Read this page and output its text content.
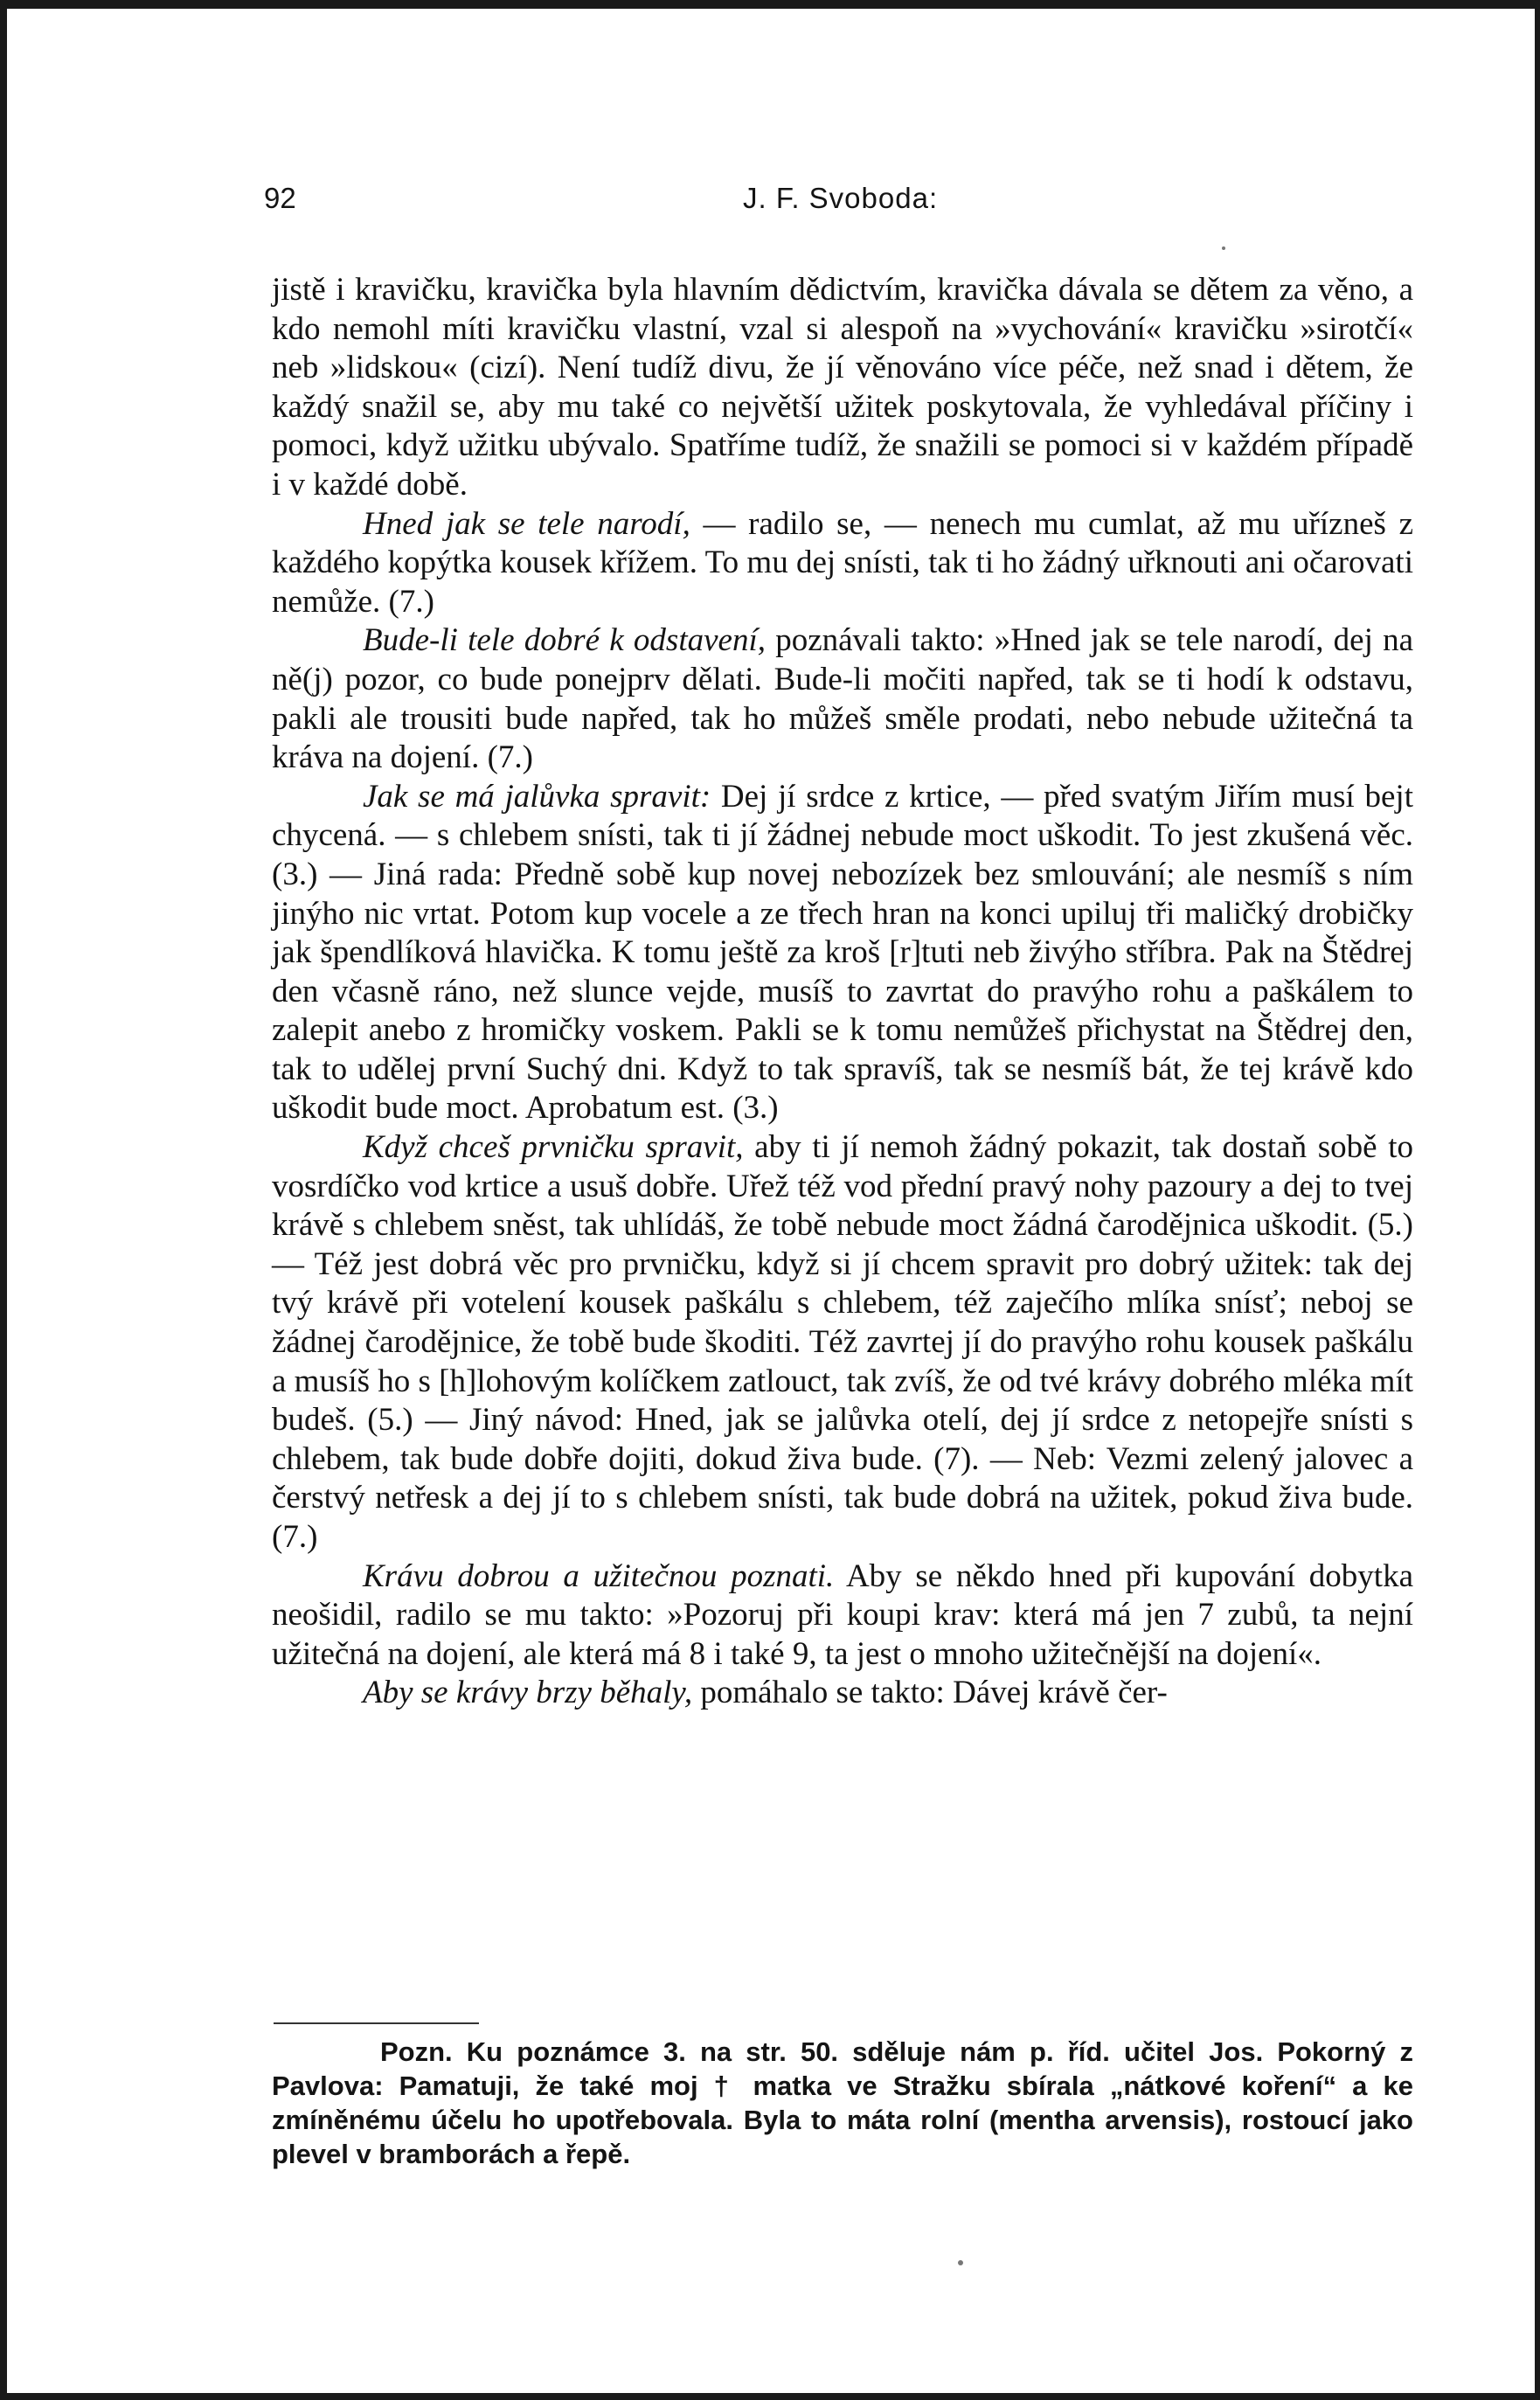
92	J. F. Svoboda:

jistě i kravičku, kravička byla hlavním dědictvím, kravička dávala se dětem za věno, a kdo nemohl míti kravičku vlastní, vzal si alespoň na »vychování« kravičku »sirotčí« neb »lidskou« (cizí). Není tudíž divu, že jí věnováno více péče, než snad i dětem, že každý snažil se, aby mu také co největší užitek poskytovala, že vyhledával příčiny i pomoci, když užitku ubývalo. Spatříme tudíž, že snažili se pomoci si v každém případě i v každé době.

Hned jak se tele narodí, — radilo se, — nenech mu cumlat, až mu uřízneš z každého kopýtka kousek křížem. To mu dej snísti, tak ti ho žádný uřknouti ani očarovati nemůže. (7.)

Bude-li tele dobré k odstavení, poznávali takto: »Hned jak se tele narodí, dej na ně(j) pozor, co bude ponejprv dělati. Bude-li močiti napřed, tak se ti hodí k odstavu, pakli ale trousiti bude napřed, tak ho můžeš směle prodati, nebo nebude užitečná ta kráva na dojení. (7.)

Jak se má jalůvka spravit: Dej jí srdce z krtice, — před svatým Jiřím musí bejt chycená. — s chlebem snísti, tak ti jí žádnej nebude moct uškodit. To jest zkušená věc. (3.) — Jiná rada: Předně sobě kup novej nebozízek bez smlouvání; ale nesmíš s ním jinýho nic vrtat. Potom kup vocele a ze třech hran na konci upiluj tři maličký drobičky jak špendlíková hlavička. K tomu ještě za kroš [r]tuti neb živýho stříbra. Pak na Štědrej den včasně ráno, než slunce vejde, musíš to zavrtat do pravýho rohu a paškálem to zalepit anebo z hromičky voskem. Pakli se k tomu nemůžeš přichystat na Štědrej den, tak to udělej první Suchý dni. Když to tak spravíš, tak se nesmíš bát, že tej krávě kdo uškodit bude moct. Aprobatum est. (3.)

Když chceš prvničku spravit, aby ti jí nemoh žádný pokazit, tak dostaň sobě to vosrdíčko vod krtice a usuš dobře. Uřež též vod přední pravý nohy pazoury a dej to tvej krávě s chlebem sněst, tak uhlídáš, že tobě nebude moct žádná čarodějnica uškodit. (5.) — Též jest dobrá věc pro prvničku, když si jí chcem spravit pro dobrý užitek: tak dej tvý krávě při votelení kousek paškálu s chlebem, též zaječího mlíka snísť; neboj se žádnej čarodějnice, že tobě bude škoditi. Též zavrtej jí do pravýho rohu kousek paškálu a musíš ho s [h]lohovým kolíčkem zatlouct, tak zvíš, že od tvé krávy dobrého mléka mít budeš. (5.) — Jiný návod: Hned, jak se jalůvka otelí, dej jí srdce z netopejře snísti s chlebem, tak bude dobře dojiti, dokud živa bude. (7). — Neb: Vezmi zelený jalovec a čerstvý netřesk a dej jí to s chlebem snísti, tak bude dobrá na užitek, pokud živa bude. (7.)

Krávu dobrou a užitečnou poznati. Aby se někdo hned při kupování dobytka neošidil, radilo se mu takto: »Pozoruj při koupi krav: která má jen 7 zubů, ta nejní užitečná na dojení, ale která má 8 i také 9, ta jest o mnoho užitečnější na dojení«.

Aby se krávy brzy běhaly, pomáhalo se takto: Dávej krávě čer-

Pozn. Ku poznámce 3. na str. 50. sděluje nám p. říd. učitel Jos. Pokorný z Pavlova: Pamatuji, že také moj † matka ve Stražku sbírala „nátkové koření“ a ke zmíněnému účelu ho upotřebovala. Byla to máta rolní (mentha arvensis), rostoucí jako plevel v bramborách a řepě.
